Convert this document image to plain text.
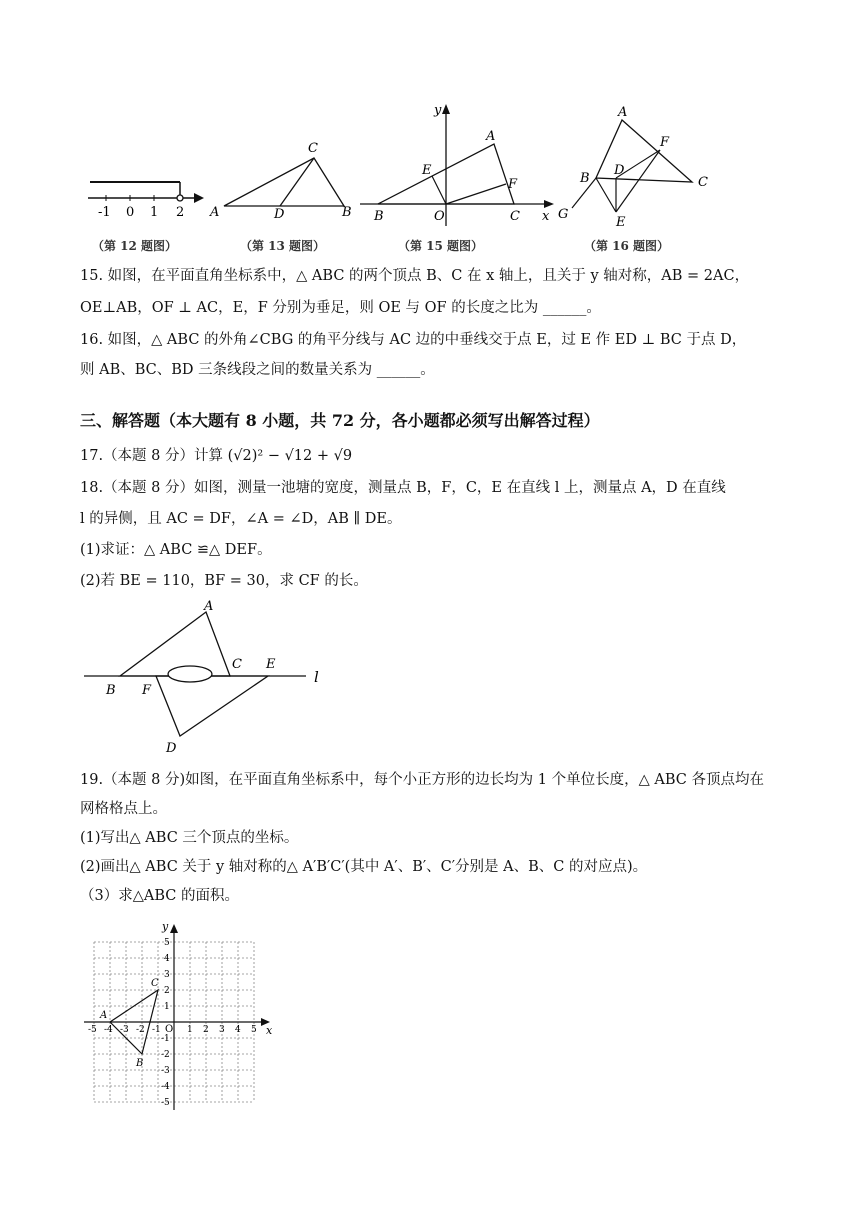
-1 0 1 2
（第 12 题图）
A	B
C
D
（第 13 题图）
y
x
A
B	C
E
F
O
（第 15 题图）
A
B	C
D
E
F
G
（第 16 题图）
15. 如图，在平面直角坐标系中，△ ABC 的两个顶点 B、C 在 x 轴上，且关于 y 轴对称，AB = 2AC，
OE⊥AB，OF ⊥ AC，E，F 分别为垂足，则 OE 与 OF 的长度之比为 ______。
16. 如图，△ ABC 的外角∠CBG 的角平分线与 AC 边的中垂线交于点 E，过 E 作 ED ⊥ BC 于点 D，
则 AB、BC、BD 三条线段之间的数量关系为 ______。
三、解答题（本大题有 8 小题，共 72 分，各小题都必须写出解答过程）
17.（本题 8 分）计算 (√2)² − √12 + √9
18.（本题 8 分）如图，测量一池塘的宽度，测量点 B，F，C，E 在直线 l 上，测量点 A，D 在直线
l 的异侧，且 AC = DF，∠A = ∠D，AB ∥ DE。
(1)求证：△ ABC ≌△ DEF。
(2)若 BE = 110，BF = 30，求 CF 的长。
A
B F
C E
D
l
19.（本题 8 分)如图，在平面直角坐标系中，每个小正方形的边长均为 1 个单位长度，△ ABC 各顶点均在
网格格点上。
(1)写出△ ABC 三个顶点的坐标。
(2)画出△ ABC 关于 y 轴对称的△ A′B′C′(其中 A′、B′、C′分别是 A、B、C 的对应点)。
（3）求△ABC 的面积。
y
x
O
A
B
C
-5 -4 -3 -2 -1	1 2 3 4 5
5
4
3
2
1
-1
-2
-3
-4
-5
